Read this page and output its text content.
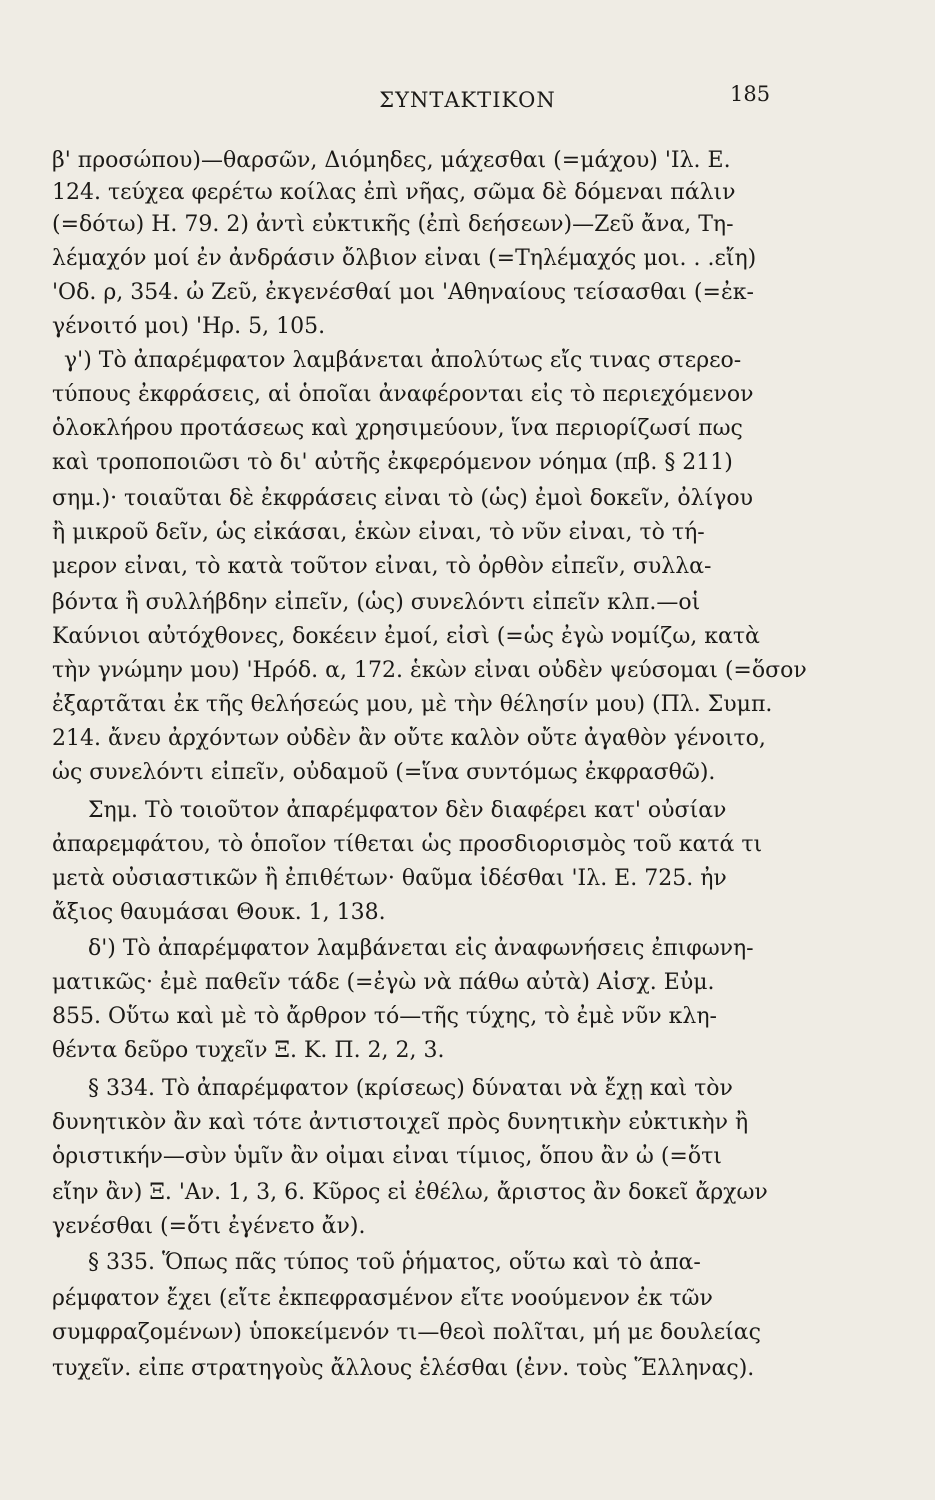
ΣΥΝΤΑΚΤΙΚΟΝ	185
β' προσώπου)—θαρσῶν, Διόμηδες, μάχεσθαι (=μάχου) 'Ιλ. Ε.
124. τεύχεα φερέτω κοίλας ἐπὶ νῆας, σῶμα δὲ δόμεναι πάλιν
(=δότω) Η. 79. 2) ἀντὶ εὐκτικῆς (ἐπὶ δεήσεων)—Ζεῦ ἄνα, Τη-
λέμαχόν μοί ἐν ἀνδράσιν ὄλβιον εἶναι (=Τηλέμαχός μοι. . .εἴη)
'Οδ. ρ, 354. ὦ Ζεῦ, ἐκγενέσθαί μοι 'Αθηναίους τείσασθαι (=ἐκ-
γένοιτό μοι) 'Ηρ. 5, 105.
γ') Τὸ ἀπαρέμφατον λαμβάνεται ἀπολύτως εἴς τινας στερεο-
τύπους ἐκφράσεις, αἱ ὁποῖαι ἀναφέρονται εἰς τὸ περιεχόμενον
ὁλοκλήρου προτάσεως καὶ χρησιμεύουν, ἵνα περιορίζωσί πως
καὶ τροποποιῶσι τὸ δι' αὐτῆς ἐκφερόμενον νόημα (πβ. § 211)
σημ.)· τοιαῦται δὲ ἐκφράσεις εἶναι τὸ (ὡς) ἐμοὶ δοκεῖν, ὀλίγου
ἢ μικροῦ δεῖν, ὡς εἰκάσαι, ἑκὼν εἶναι, τὸ νῦν εἶναι, τὸ τή-
μερον εἶναι, τὸ κατὰ τοῦτον εἶναι, τὸ ὀρθὸν εἰπεῖν, συλλα-
βόντα ἢ συλλήβδην εἰπεῖν, (ὡς) συνελόντι εἰπεῖν κλπ.—οἱ
Καύνιοι αὐτόχθονες, δοκέειν ἐμοί, εἰσὶ (=ὡς ἐγὼ νομίζω, κατὰ
τὴν γνώμην μου) 'Ηρόδ. α, 172. ἑκὼν εἶναι οὐδὲν ψεύσομαι (=ὅσον
ἐξαρτᾶται ἐκ τῆς θελήσεώς μου, μὲ τὴν θέλησίν μου) (Πλ. Συμπ.
214. ἄνευ ἀρχόντων οὐδὲν ἂν οὔτε καλὸν οὔτε ἀγαθὸν γένοιτο,
ὡς συνελόντι εἰπεῖν, οὐδαμοῦ (=ἵνα συντόμως ἐκφρασθῶ).
Σημ. Τὸ τοιοῦτον ἀπαρέμφατον δὲν διαφέρει κατ' οὐσίαν
ἀπαρεμφάτου, τὸ ὁποῖον τίθεται ὡς προσδιορισμὸς τοῦ κατά τι
μετὰ οὐσιαστικῶν ἢ ἐπιθέτων· θαῦμα ἰδέσθαι 'Ιλ. Ε. 725. ἦν
ἄξιος θαυμάσαι Θουκ. 1, 138.
δ') Τὸ ἀπαρέμφατον λαμβάνεται εἰς ἀναφωνήσεις ἐπιφωνη-
ματικῶς· ἐμὲ παθεῖν τάδε (=ἐγὼ νὰ πάθω αὐτὰ) Αἰσχ. Εὐμ.
855. Οὕτω καὶ μὲ τὸ ἄρθρον τό—τῆς τύχης, τὸ ἐμὲ νῦν κλη-
θέντα δεῦρο τυχεῖν Ξ. Κ. Π. 2, 2, 3.
§ 334. Τὸ ἀπαρέμφατον (κρίσεως) δύναται νὰ ἔχῃ καὶ τὸν
δυνητικὸν ἂν καὶ τότε ἀντιστοιχεῖ πρὸς δυνητικὴν εὐκτικὴν ἢ
ὁριστικήν—σὺν ὑμῖν ἂν οἶμαι εἶναι τίμιος, ὅπου ἂν ὦ (=ὅτι
εἴην ἂν) Ξ. 'Αν. 1, 3, 6. Κῦρος εἰ ἐθέλω, ἄριστος ἂν δοκεῖ ἄρχων
γενέσθαι (=ὅτι ἐγένετο ἄν).
§ 335. Ὅπως πᾶς τύπος τοῦ ῥήματος, οὕτω καὶ τὸ ἀπα-
ρέμφατον ἔχει (εἴτε ἐκπεφρασμένον εἴτε νοούμενον ἐκ τῶν
συμφραζομένων) ὑποκείμενόν τι—θεοὶ πολῖται, μή με δουλείας
τυχεῖν. εἶπε στρατηγοὺς ἄλλους ἑλέσθαι (ἐνν. τοὺς Ἕλληνας).
